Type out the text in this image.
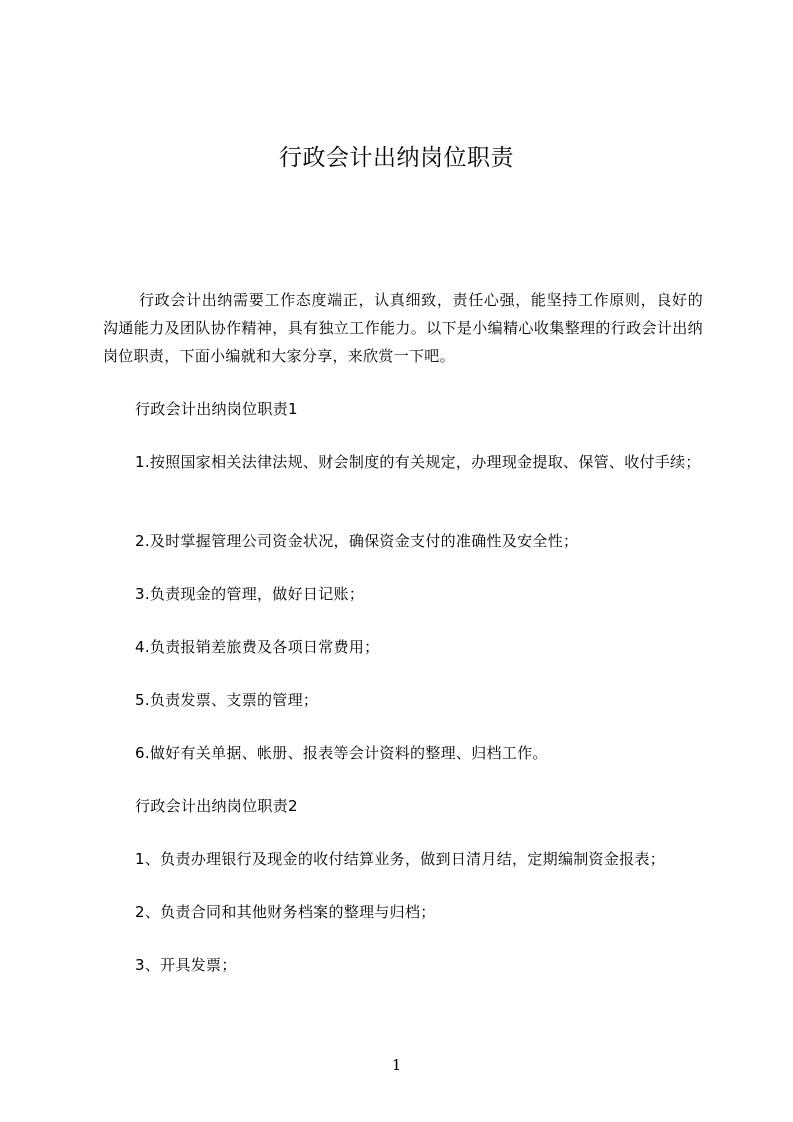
行政会计出纳岗位职责

行政会计出纳需要工作态度端正，认真细致，责任心强，能坚持工作原则，良好的沟通能力及团队协作精神，具有独立工作能力。以下是小编精心收集整理的行政会计出纳岗位职责，下面小编就和大家分享，来欣赏一下吧。

行政会计出纳岗位职责1
1.按照国家相关法律法规、财会制度的有关规定，办理现金提取、保管、收付手续；
2.及时掌握管理公司资金状况，确保资金支付的准确性及安全性；
3.负责现金的管理，做好日记账；
4.负责报销差旅费及各项日常费用；
5.负责发票、支票的管理；
6.做好有关单据、帐册、报表等会计资料的整理、归档工作。
行政会计出纳岗位职责2
1、负责办理银行及现金的收付结算业务，做到日清月结，定期编制资金报表；
2、负责合同和其他财务档案的整理与归档；
3、开具发票；
1
